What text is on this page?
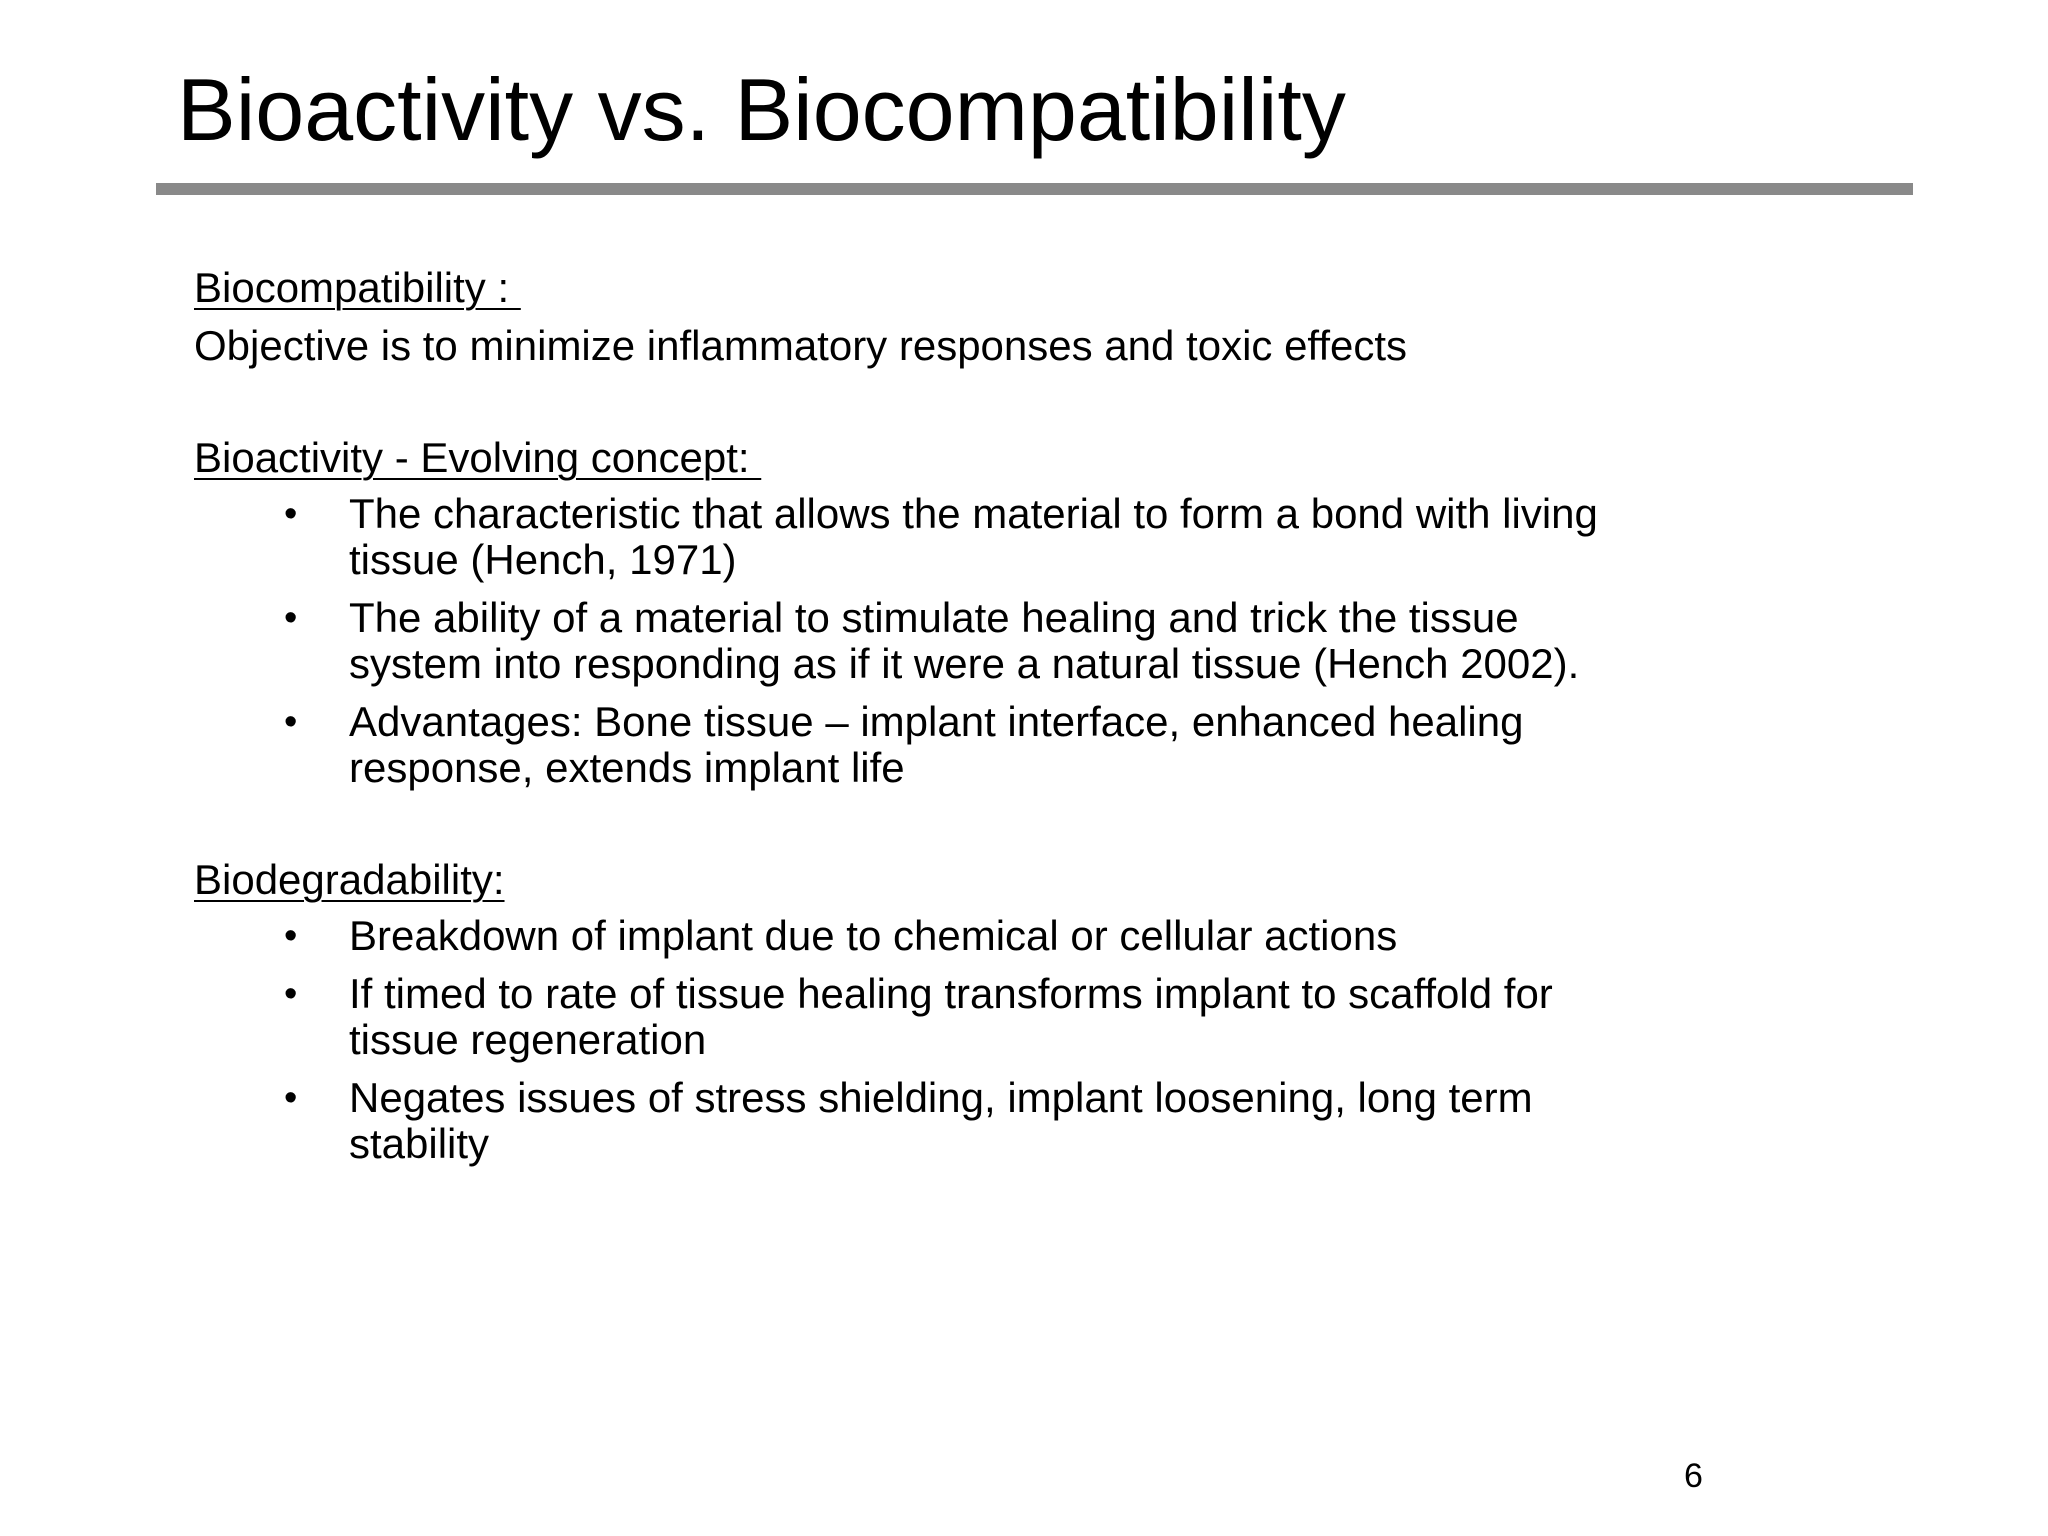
Bioactivity vs. Biocompatibility
Biocompatibility :
Objective is to minimize inflammatory responses and toxic effects
Bioactivity - Evolving concept:
• The characteristic that allows the material to form a bond with living tissue (Hench, 1971)
• The ability of a material to stimulate healing and trick the tissue system into responding as if it were a natural tissue (Hench 2002).
• Advantages: Bone tissue – implant interface, enhanced healing response, extends implant life
Biodegradability:
• Breakdown of implant due to chemical or cellular actions
• If timed to rate of tissue healing transforms implant to scaffold for tissue regeneration
• Negates issues of stress shielding, implant loosening, long term stability
6
